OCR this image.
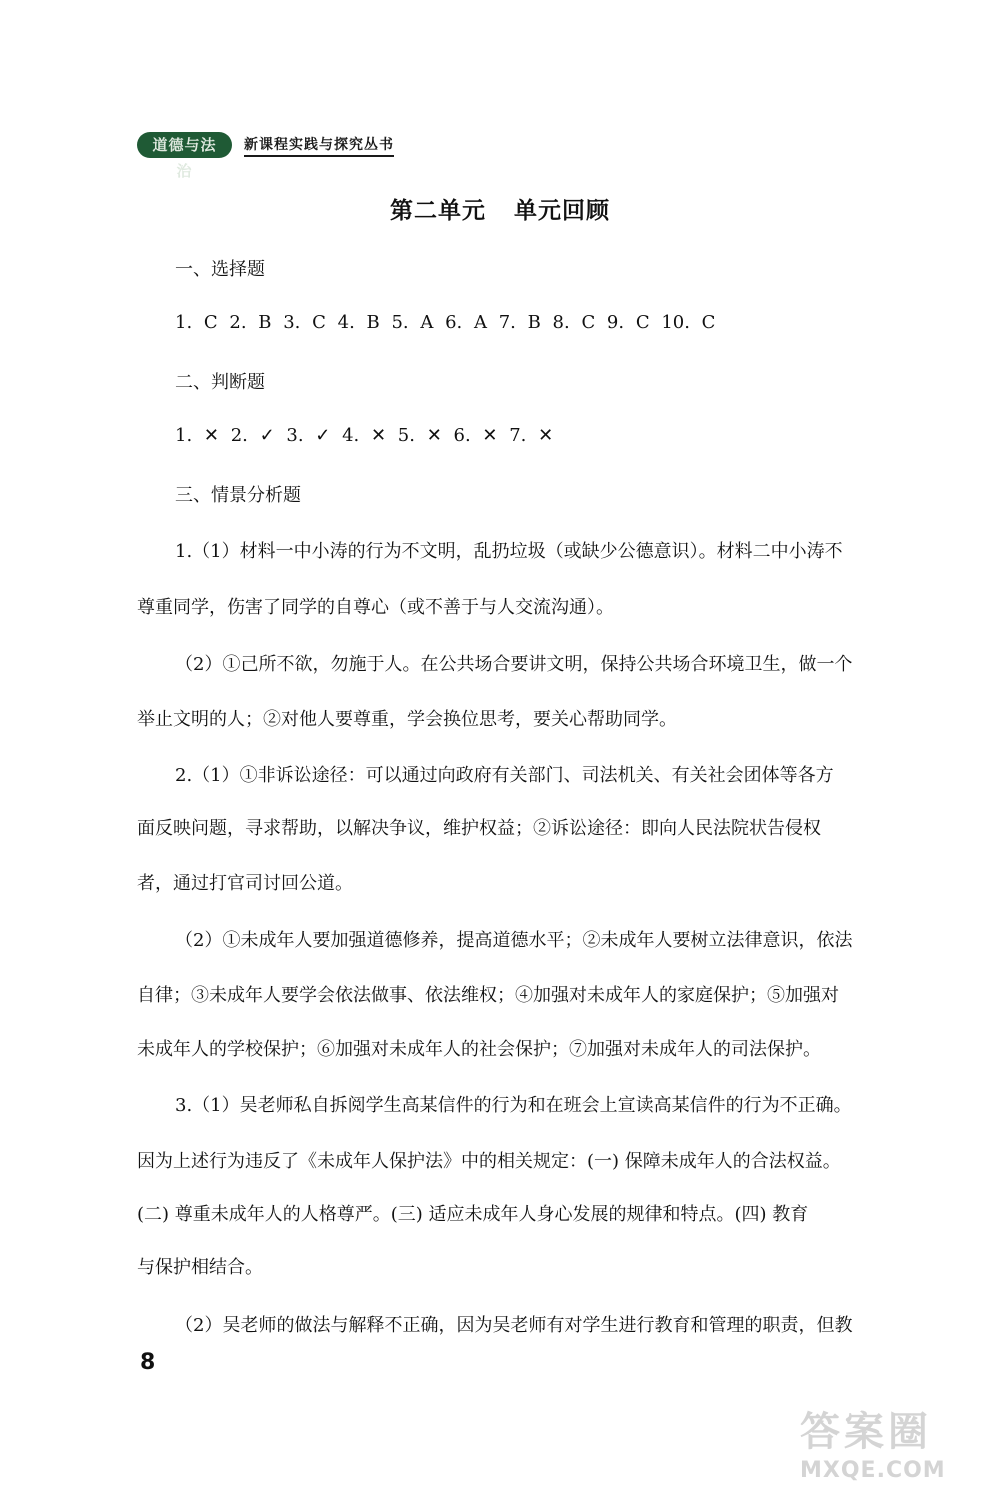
道德与法治
新课程实践与探究丛书
第二单元 单元回顾
一、选择题
1. C 2. B 3. C 4. B 5. A 6. A 7. B 8. C 9. C 10. C
二、判断题
1. ✕ 2. ✓ 3. ✓ 4. ✕ 5. ✕ 6. ✕ 7. ✕
三、情景分析题
1.（1）材料一中小涛的行为不文明，乱扔垃圾（或缺少公德意识）。材料二中小涛不
尊重同学，伤害了同学的自尊心（或不善于与人交流沟通）。
（2）①己所不欲，勿施于人。在公共场合要讲文明，保持公共场合环境卫生，做一个
举止文明的人；②对他人要尊重，学会换位思考，要关心帮助同学。
2.（1）①非诉讼途径：可以通过向政府有关部门、司法机关、有关社会团体等各方
面反映问题，寻求帮助，以解决争议，维护权益；②诉讼途径：即向人民法院状告侵权
者，通过打官司讨回公道。
（2）①未成年人要加强道德修养，提高道德水平；②未成年人要树立法律意识，依法
自律；③未成年人要学会依法做事、依法维权；④加强对未成年人的家庭保护；⑤加强对
未成年人的学校保护；⑥加强对未成年人的社会保护；⑦加强对未成年人的司法保护。
3.（1）吴老师私自拆阅学生高某信件的行为和在班会上宣读高某信件的行为不正确。
因为上述行为违反了《未成年人保护法》中的相关规定：(一) 保障未成年人的合法权益。
(二) 尊重未成年人的人格尊严。(三) 适应未成年人身心发展的规律和特点。(四) 教育
与保护相结合。
（2）吴老师的做法与解释不正确，因为吴老师有对学生进行教育和管理的职责，但教
8
答案圈
MXQE.COM
